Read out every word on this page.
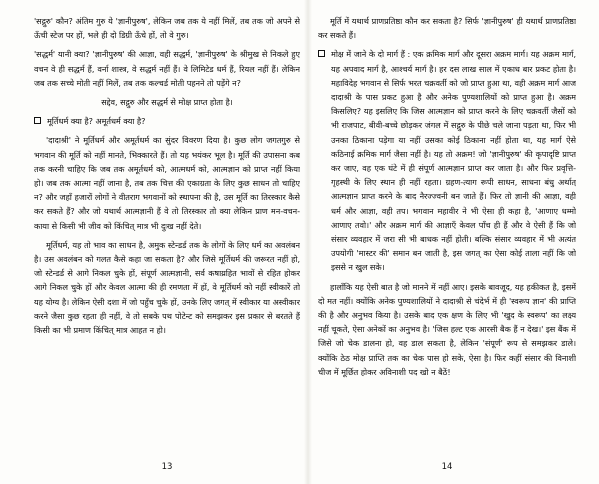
'सद्गुरु' कौन? अंतिम गुरु ये 'ज्ञानीपुरुष', लेकिन जब तक ये नहीं मिलें, तब तक जो अपने से ऊँची स्टेज पर हों, भले ही दो डिग्री ऊँचे हों, तो वे गुरु।

'सद्धर्म' यानी क्या? 'ज्ञानीपुरुष' की आज्ञा, वही सद्धर्म, 'ज्ञानीपुरुष' के श्रीमुख से निकले हुए वचन वे ही सद्धर्म हैं, वर्ना शास्त्र, वे सद्धर्म नहीं हैं। वे लिमिटेड धर्म हैं, रियल नहीं हैं। लेकिन जब तक सच्चे मोती नहीं मिलें, तब तक कल्चर्ड मोती पहनने तो पड़ेंगे न?

सद्देव, सद्गुरु और सद्धर्म से मोक्ष प्राप्त होता है।

मूर्तिधर्म क्या है? अमूर्तधर्म क्या है?

'दादाश्री' ने मूर्तिधर्म और अमूर्तधर्म का सुंदर विवरण दिया है। कुछ लोग जगतगुरु से भगवान की मूर्ति को नहीं मानते, भिक्कारते हैं। तो यह भयंकर भूल है। मूर्ति की उपासना कब तक करनी चाहिए कि जब तक अमूर्तधर्म को, आत्मधर्म को, आत्मज्ञान को प्राप्त नहीं किया हो। जब तक आत्मा नहीं जाना है, तब तक चित्त की एकाग्रता के लिए कुछ साधन तो चाहिए न? और जहाँ हजारों लोगों ने वीतराग भगवानों को स्थापना की है, उस मूर्ति का तिरस्कार कैसे कर सकते हैं? और जो यथार्थ आत्मज्ञानी हैं वे तो तिरस्कार तो क्या लेकिन प्राण मन-वचन-काया से किसी भी जीव को किंचित् मात्र भी दुःख नहीं देते।

मूर्तिधर्म, यह तो भाव का साधन है, अमुक स्टेन्डर्ड तक के लोगों के लिए धर्म का अवलंबन है। उस अवलंबन को गलत कैसे कहा जा सकता है? और जिसे मूर्तिधर्म की जरूरत नहीं हो, जो स्टेन्डर्ड से आगे निकल चुके हों, संपूर्ण आत्मज्ञानी, सर्व कषाय्रहित भावों से रहित होकर आगे निकल चुके हों और केवल आत्मा की ही रमणता में हों, वे मूर्तिधर्म को नहीं स्वीकारें तो यह योग्य है। लेकिन ऐसी दशा में जो पहुँच चुके हों, उनके लिए जगत् में स्वीकार या अस्वीकार करने जैसा कुछ रहता ही नहीं, वे तो सबके पथ पोटेन्ट को समझकर इस प्रकार से बरतते हैं किसी का भी प्रमाण किंचित् मात्र आहत न हो।

13

मूर्ति में यथार्थ प्राणप्रतिष्ठा कौन कर सकता है? सिर्फ 'ज्ञानीपुरुष' ही यथार्थ प्राणप्रतिष्ठा कर सकते हैं।

मोक्ष में जाने के दो मार्ग हैं : एक क्रमिक मार्ग और दूसरा अक्रम मार्ग। यह अक्रम मार्ग, यह अपवाद मार्ग है, आश्चर्य मार्ग है। हर दस लाख साल में एकाध बार प्रकट होता है। महाविदेह भगवान से सिर्फ भरत चक्रवर्ती को जो प्राप्त हुआ था, वही अक्रम मार्ग आज दादाश्री के पास प्रकट हुआ है और अनेक पुण्यशालियों को प्राप्त हुआ है। अक्रम किसलिए? यह इसलिए कि जिस आत्मज्ञान को प्राप्त करने के लिए चक्रवर्ती जैसों को भी राजपाट, बीवी-बच्चे छोड़कर जंगल में सद्गुरु के पीछे चले जाना पड़ता था, फिर भी उनका ठिकाना पड़ेगा या नहीं उसका कोई ठिकाना नहीं होता था, यह मार्ग ऐसे कठिनाई क्रमिक मार्ग जैसा नहीं है। यह तो अक्रम! जो 'ज्ञानीपुरुष' की कृपादृष्टि प्राप्त कर जाए, वह एक घंटे में ही संपूर्ण आत्मज्ञान प्राप्त कर जाता है। और फिर प्रवृत्ति-गृहस्थी के लिए स्थान ही नहीं रहता। ग्रहण-त्याग रूपी साधन, साधना बंधु अर्थात् आत्मज्ञान प्राप्त करने के बाद नैरज्ज्वनी बन जाते हैं। फिर तो ज्ञानी की आज्ञा, वही धर्म और आज्ञा, वही तप। भगवान महावीर ने भी ऐसा ही कहा है, 'आणाए धम्मो आणाए तवो।' और अक्रम मार्ग की आज्ञाएँ केवल पाँच ही हैं और वे ऐसी हैं कि जो संसार व्यवहार में जरा सी भी बाधक नहीं होती। बल्कि संसार व्यवहार में भी अत्यंत उपयोगी 'मास्टर की' समान बन जाती है, इस जगत् का ऐसा कोई ताला नहीं कि जो इससे न खुल सके।

हालाँकि यह ऐसी बात है जो मानने में नहीं आए। इसके बावजूद, यह हकीकत है, इसमें दो मत नहीं। क्योंकि अनेक पुण्यशालियों ने दादाश्री से चंदेर्भ में ही 'स्वरूप ज्ञान' की प्राप्ति की है और अनुभव किया है। उसके बाद एक क्षण के लिए भी 'खुद के स्वरूप' का लक्ष्य नहीं चूकते, ऐसा अनेकों का अनुभव है। 'जिस हल्ट एक आरसी बैक हैं न देख।' इस बैंक में जिसे जो चेक डालना हो, वह डाल सकता है, लेकिन 'संपूर्ण' रूप से समझकर डाले। क्योंकि ठेठ मोक्ष प्राप्ति तक का चेक पास हो सके, ऐसा है। फिर कहीं संसार की विनाशी चीज में मूर्छित होकर अविनाशी पद खो न बैठें!

14
